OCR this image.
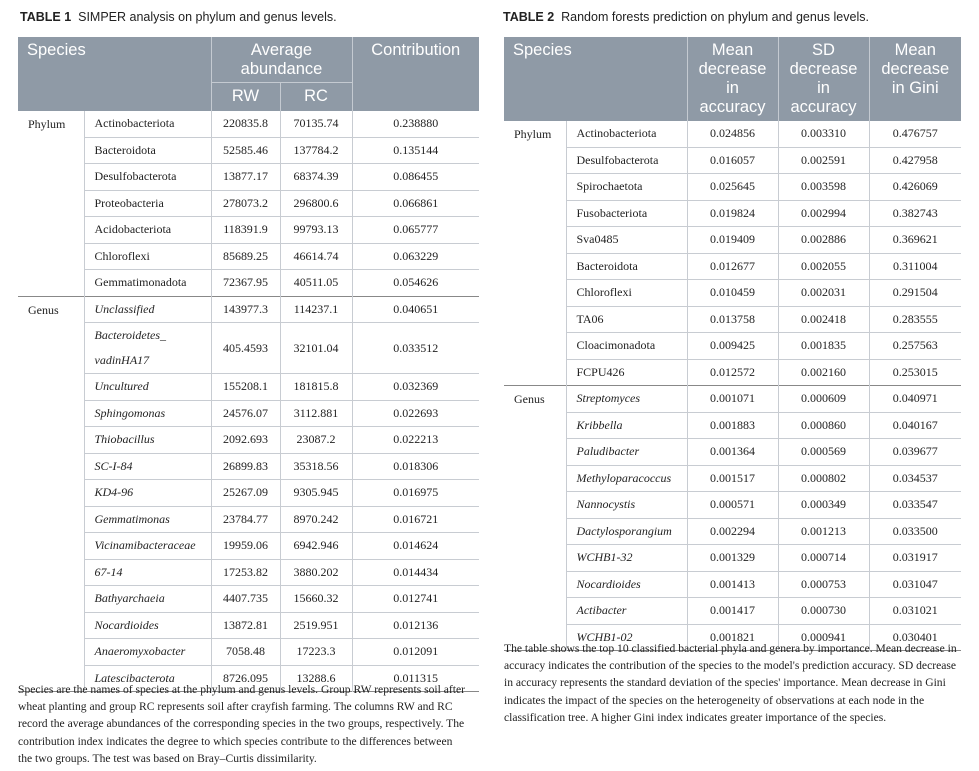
TABLE 1 SIMPER analysis on phylum and genus levels.
Species		Average abundance		Contribution
		RW	RC	
Phylum	Actinobacteriota	220835.8	70135.74	0.238880
	Bacteroidota	52585.46	137784.2	0.135144
	Desulfobacterota	13877.17	68374.39	0.086455
	Proteobacteria	278073.2	296800.6	0.066861
	Acidobacteriota	118391.9	99793.13	0.065777
	Chloroflexi	85689.25	46614.74	0.063229
	Gemmatimonadota	72367.95	40511.05	0.054626
Genus	Unclassified	143977.3	114237.1	0.040651
	Bacteroidetes_ vadinHA17	405.4593	32101.04	0.033512
	Uncultured	155208.1	181815.8	0.032369
	Sphingomonas	24576.07	3112.881	0.022693
	Thiobacillus	2092.693	23087.2	0.022213
	SC-I-84	26899.83	35318.56	0.018306
	KD4-96	25267.09	9305.945	0.016975
	Gemmatimonas	23784.77	8970.242	0.016721
	Vicinamibacteraceae	19959.06	6942.946	0.014624
	67-14	17253.82	3880.202	0.014434
	Bathyarchaeia	4407.735	15660.32	0.012741
	Nocardioides	13872.81	2519.951	0.012136
	Anaeromyxobacter	7058.48	17223.3	0.012091
	Latescibacterota	8726.095	13288.6	0.011315
Species are the names of species at the phylum and genus levels. Group RW represents soil after wheat planting and group RC represents soil after crayfish farming. The columns RW and RC record the average abundances of the corresponding species in the two groups, respectively. The contribution index indicates the degree to which species contribute to the differences between the two groups. The test was based on Bray–Curtis dissimilarity.
TABLE 2 Random forests prediction on phylum and genus levels.
Species		Mean decrease in accuracy	SD decrease in accuracy	Mean decrease in Gini
Phylum	Actinobacteriota	0.024856	0.003310	0.476757
	Desulfobacterota	0.016057	0.002591	0.427958
	Spirochaetota	0.025645	0.003598	0.426069
	Fusobacteriota	0.019824	0.002994	0.382743
	Sva0485	0.019409	0.002886	0.369621
	Bacteroidota	0.012677	0.002055	0.311004
	Chloroflexi	0.010459	0.002031	0.291504
	TA06	0.013758	0.002418	0.283555
	Cloacimonadota	0.009425	0.001835	0.257563
	FCPU426	0.012572	0.002160	0.253015
Genus	Streptomyces	0.001071	0.000609	0.040971
	Kribbella	0.001883	0.000860	0.040167
	Paludibacter	0.001364	0.000569	0.039677
	Methyloparacoccus	0.001517	0.000802	0.034537
	Nannocystis	0.000571	0.000349	0.033547
	Dactylosporangium	0.002294	0.001213	0.033500
	WCHB1-32	0.001329	0.000714	0.031917
	Nocardioides	0.001413	0.000753	0.031047
	Actibacter	0.001417	0.000730	0.031021
	WCHB1-02	0.001821	0.000941	0.030401
The table shows the top 10 classified bacterial phyla and genera by importance. Mean decrease in accuracy indicates the contribution of the species to the model's prediction accuracy. SD decrease in accuracy represents the standard deviation of the species' importance. Mean decrease in Gini indicates the impact of the species on the heterogeneity of observations at each node in the classification tree. A higher Gini index indicates greater importance of the species.
